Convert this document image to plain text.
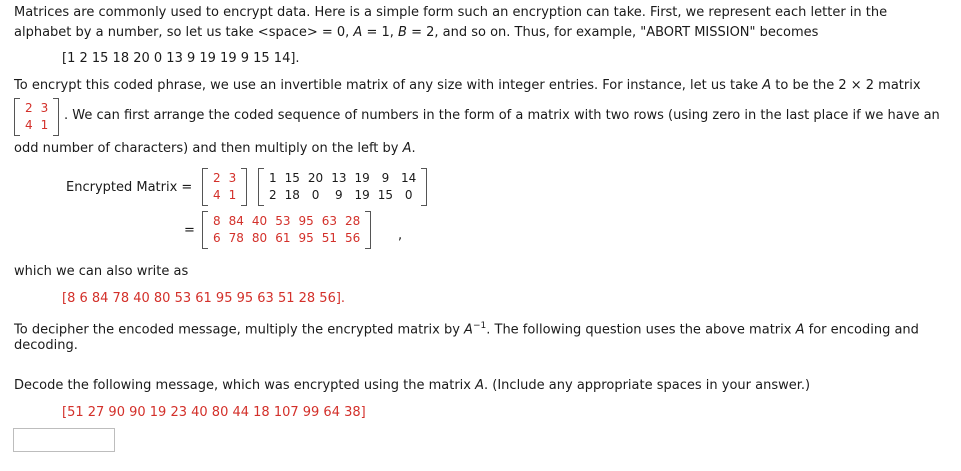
Matrices are commonly used to encrypt data. Here is a simple form such an encryption can take. First, we represent each letter in the
alphabet by a number, so let us take <space> = 0, A = 1, B = 2, and so on. Thus, for example, "ABORT MISSION" becomes
[1 2 15 18 20 0 13 9 19 19 9 15 14].
To encrypt this coded phrase, we use an invertible matrix of any size with integer entries. For instance, let us take A to be the 2 × 2 matrix
2	3
4	1
. We can first arrange the coded sequence of numbers in the form of a matrix with two rows (using zero in the last place if we have an
odd number of characters) and then multiply on the left by A.
Encrypted Matrix =
2	3
4	1
1	15	20	13	19	9	14
2	18	0	9	19	15	0
=
8	84	40	53	95	63	28
6	78	80	61	95	51	56	,
which we can also write as
[8 6 84 78 40 80 53 61 95 95 63 51 28 56].
To decipher the encoded message, multiply the encrypted matrix by $A^{-1}$. The following question uses the above matrix A for encoding and
decoding.
Decode the following message, which was encrypted using the matrix A. (Include any appropriate spaces in your answer.)
[51 27 90 90 19 23 40 80 44 18 107 99 64 38]
